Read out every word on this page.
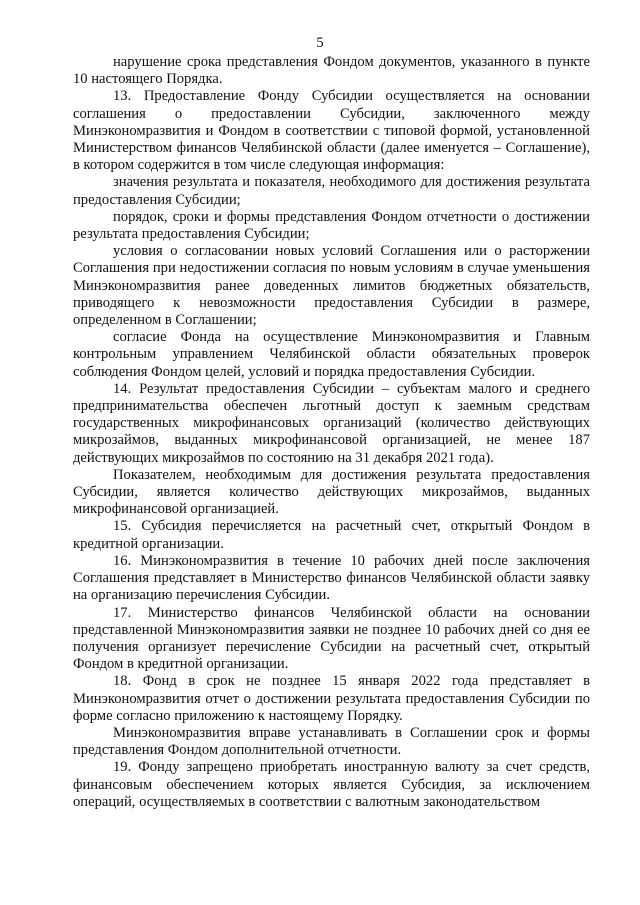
5

нарушение срока представления Фондом документов, указанного в пункте 10 настоящего Порядка.

13. Предоставление Фонду Субсидии осуществляется на основании соглашения о предоставлении Субсидии, заключенного между Минэкономразвития и Фондом в соответствии с типовой формой, установленной Министерством финансов Челябинской области (далее именуется – Соглашение), в котором содержится в том числе следующая информация:

значения результата и показателя, необходимого для достижения результата предоставления Субсидии;

порядок, сроки и формы представления Фондом отчетности о достижении результата предоставления Субсидии;

условия о согласовании новых условий Соглашения или о расторжении Соглашения при недостижении согласия по новым условиям в случае уменьшения Минэкономразвития ранее доведенных лимитов бюджетных обязательств, приводящего к невозможности предоставления Субсидии в размере, определенном в Соглашении;

согласие Фонда на осуществление Минэкономразвития и Главным контрольным управлением Челябинской области обязательных проверок соблюдения Фондом целей, условий и порядка предоставления Субсидии.

14. Результат предоставления Субсидии – субъектам малого и среднего предпринимательства обеспечен льготный доступ к заемным средствам государственных микрофинансовых организаций (количество действующих микрозаймов, выданных микрофинансовой организацией, не менее 187 действующих микрозаймов по состоянию на 31 декабря 2021 года).

Показателем, необходимым для достижения результата предоставления Субсидии, является количество действующих микрозаймов, выданных микрофинансовой организацией.

15. Субсидия перечисляется на расчетный счет, открытый Фондом в кредитной организации.

16. Минэкономразвития в течение 10 рабочих дней после заключения Соглашения представляет в Министерство финансов Челябинской области заявку на организацию перечисления Субсидии.

17. Министерство финансов Челябинской области на основании представленной Минэкономразвития заявки не позднее 10 рабочих дней со дня ее получения организует перечисление Субсидии на расчетный счет, открытый Фондом в кредитной организации.

18. Фонд в срок не позднее 15 января 2022 года представляет в Минэкономразвития отчет о достижении результата предоставления Субсидии по форме согласно приложению к настоящему Порядку.

Минэкономразвития вправе устанавливать в Соглашении срок и формы представления Фондом дополнительной отчетности.

19. Фонду запрещено приобретать иностранную валюту за счет средств, финансовым обеспечением которых является Субсидия, за исключением операций, осуществляемых в соответствии с валютным законодательством
